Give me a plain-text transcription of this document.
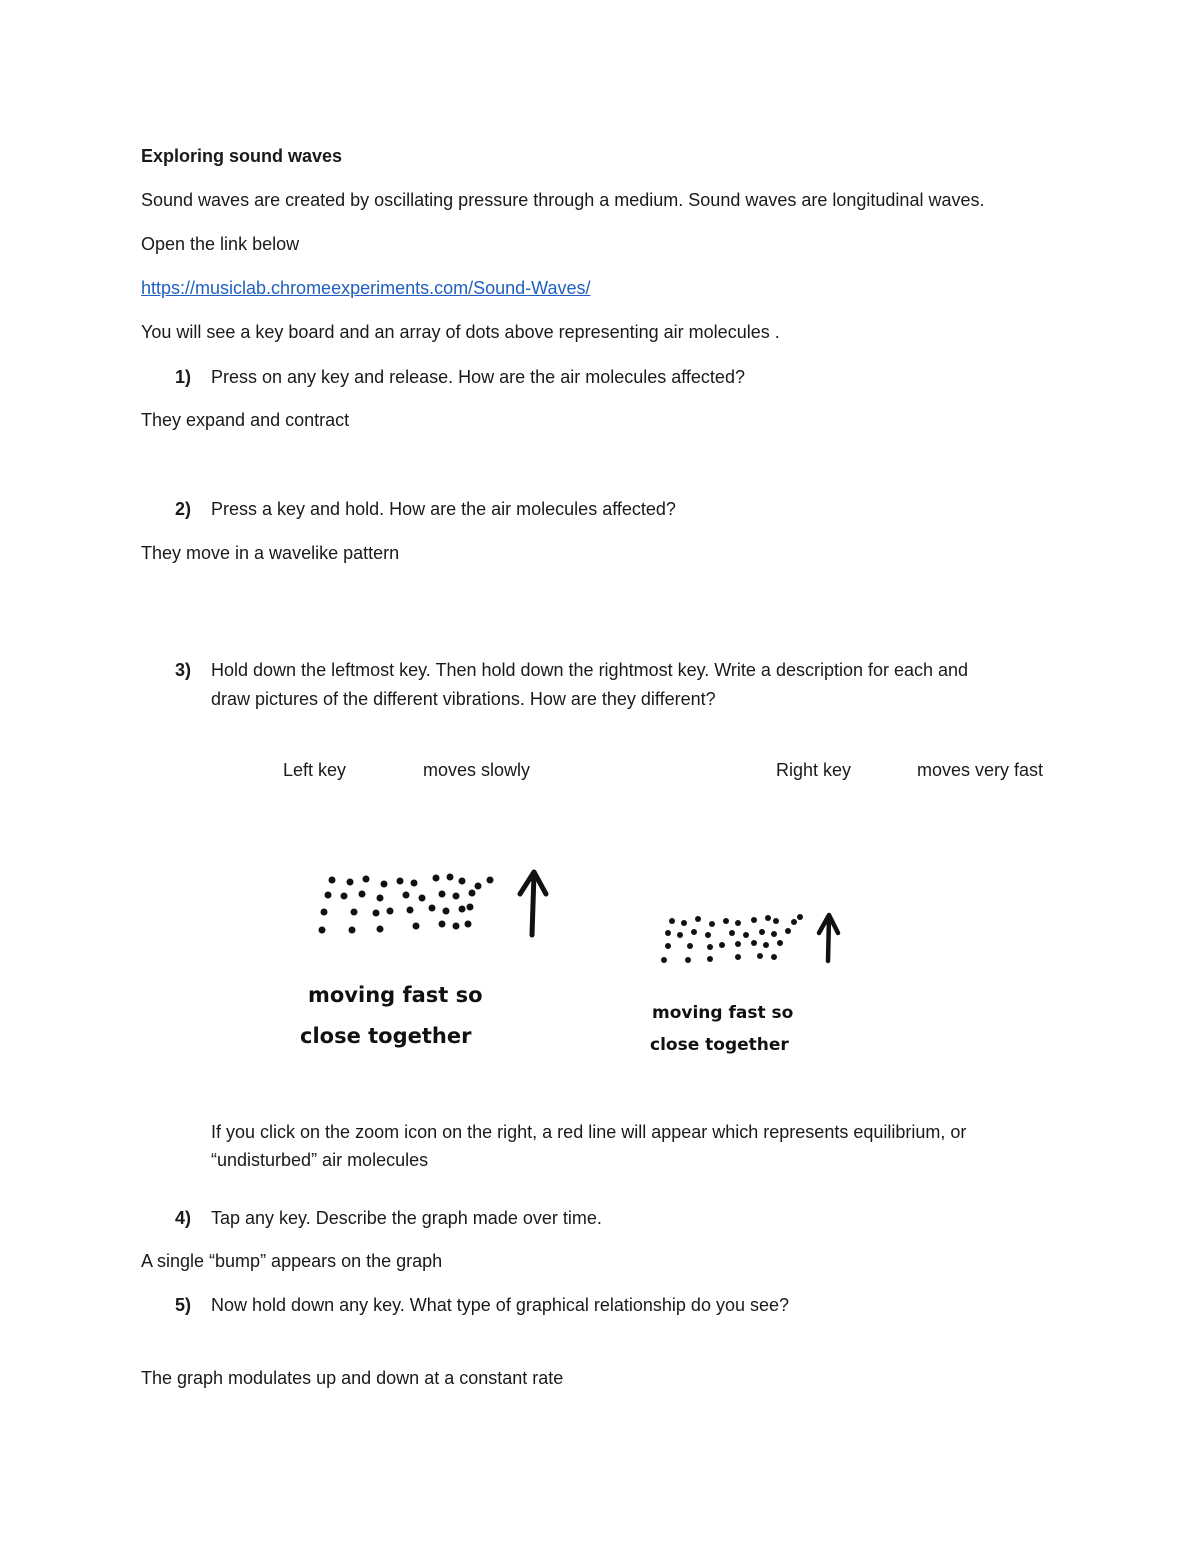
Exploring sound waves
Sound waves are created by oscillating pressure through a medium. Sound waves are longitudinal waves.
Open the link below
https://musiclab.chromeexperiments.com/Sound-Waves/
You will see a key board and an array of dots above representing air molecules .
1) Press on any key and release. How are the air molecules affected?
They expand and contract
2) Press a key and hold. How are the air molecules affected?
They move in a wavelike pattern
3) Hold down the leftmost key. Then hold down the rightmost key. Write a description for each and
draw pictures of the different vibrations. How are they different?
Left key	moves slowly	Right key	moves very fast
moving fast so
close together
moving fast so
close together
If you click on the zoom icon on the right, a red line will appear which represents equilibrium, or
“undisturbed” air molecules
4) Tap any key. Describe the graph made over time.
A single “bump” appears on the graph
5) Now hold down any key. What type of graphical relationship do you see?
The graph modulates up and down at a constant rate
